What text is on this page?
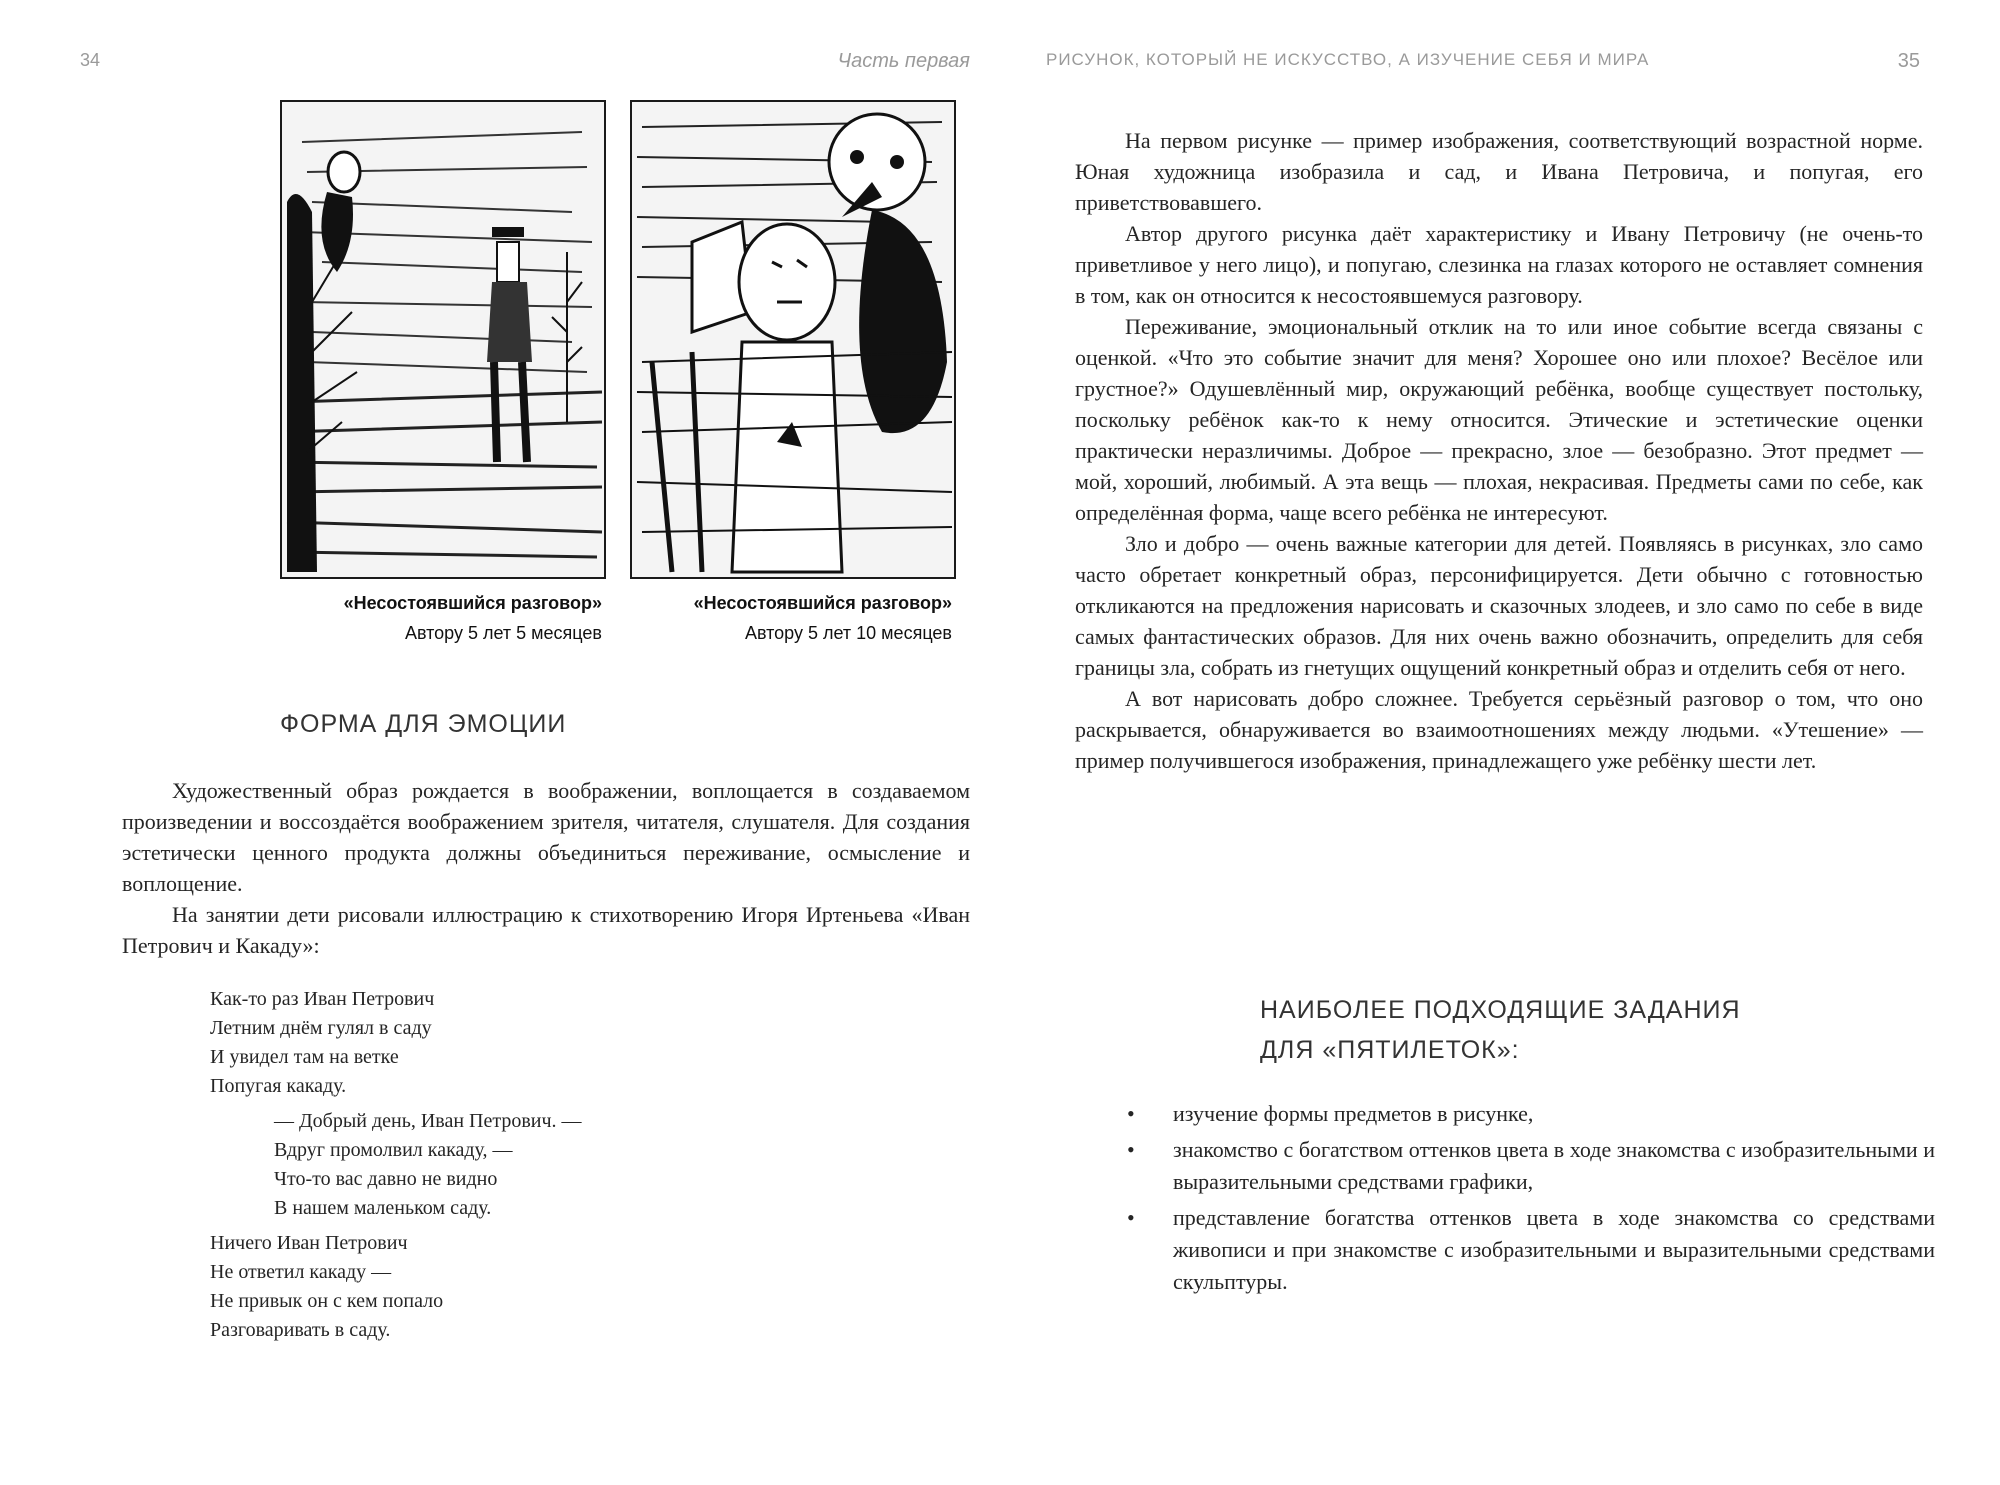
34	Часть первая
«Несостоявшийся разговор»
Автору 5 лет 5 месяцев
«Несостоявшийся разговор»
Автору 5 лет 10 месяцев
ФОРМА ДЛЯ ЭМОЦИИ

Художественный образ рождается в воображении, воплощается в создаваемом произведении и воссоздаётся воображением зрителя, читателя, слушателя. Для создания эстетически ценного продукта должны объединиться переживание, осмысление и воплощение.

На занятии дети рисовали иллюстрацию к стихотворению Игоря Иртеньева «Иван Петрович и Какаду»:

Как-то раз Иван Петрович
Летним днём гулял в саду
И увидел там на ветке
Попугая какаду.
— Добрый день, Иван Петрович. —
Вдруг промолвил какаду, —
Что-то вас давно не видно
В нашем маленьком саду.
Ничего Иван Петрович
Не ответил какаду —
Не привык он с кем попало
Разговаривать в саду.
РИСУНОК, КОТОРЫЙ НЕ ИСКУССТВО, А ИЗУЧЕНИЕ СЕБЯ И МИРА	35

На первом рисунке — пример изображения, соответствующий возрастной норме. Юная художница изобразила и сад, и Ивана Петровича, и попугая, его приветствовавшего.

Автор другого рисунка даёт характеристику и Ивану Петровичу (не очень-то приветливое у него лицо), и попугаю, слезинка на глазах которого не оставляет сомнения в том, как он относится к несостоявшемуся разговору.

Переживание, эмоциональный отклик на то или иное событие всегда связаны с оценкой. «Что это событие значит для меня? Хорошее оно или плохое? Весёлое или грустное?» Одушевлённый мир, окружающий ребёнка, вообще существует постольку, поскольку ребёнок как-то к нему относится. Этические и эстетические оценки практически неразличимы. Доброе — прекрасно, злое — безобразно. Этот предмет — мой, хороший, любимый. А эта вещь — плохая, некрасивая. Предметы сами по себе, как определённая форма, чаще всего ребёнка не интересуют.

Зло и добро — очень важные категории для детей. Появляясь в рисунках, зло само часто обретает конкретный образ, персонифицируется. Дети обычно с готовностью откликаются на предложения нарисовать и сказочных злодеев, и зло само по себе в виде самых фантастических образов. Для них очень важно обозначить, определить для себя границы зла, собрать из гнетущих ощущений конкретный образ и отделить себя от него.

А вот нарисовать добро сложнее. Требуется серьёзный разговор о том, что оно раскрывается, обнаруживается во взаимоотношениях между людьми. «Утешение» — пример получившегося изображения, принадлежащего уже ребёнку шести лет.

НАИБОЛЕЕ ПОДХОДЯЩИЕ ЗАДАНИЯ
ДЛЯ «ПЯТИЛЕТОК»:
• изучение формы предметов в рисунке,
• знакомство с богатством оттенков цвета в ходе знакомства с изобразительными и выразительными средствами графики,
• представление богатства оттенков цвета в ходе знакомства со средствами живописи и при знакомстве с изобразительными и выразительными средствами скульптуры.
